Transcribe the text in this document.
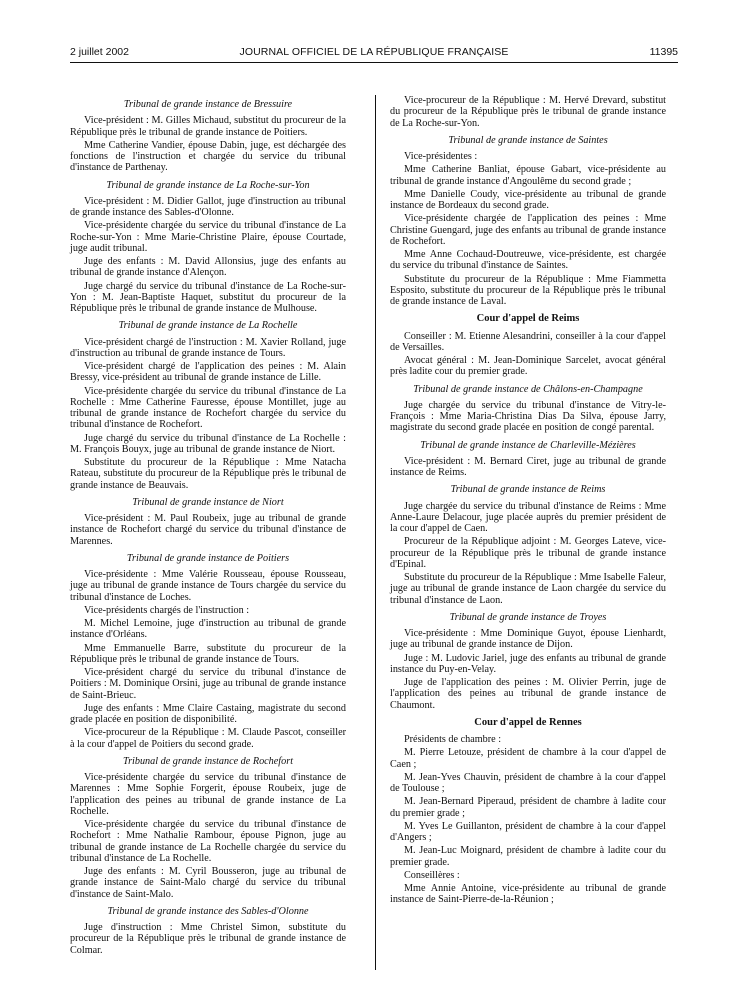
2 juillet 2002	JOURNAL OFFICIEL DE LA RÉPUBLIQUE FRANÇAISE	11395
Tribunal de grande instance de Bressuire
Vice-président : M. Gilles Michaud, substitut du procureur de la République près le tribunal de grande instance de Poitiers.
Mme Catherine Vandier, épouse Dabin, juge, est déchargée des fonctions de l'instruction et chargée du service du tribunal d'instance de Parthenay.
Tribunal de grande instance de La Roche-sur-Yon
Vice-président : M. Didier Gallot, juge d'instruction au tribunal de grande instance des Sables-d'Olonne.
Vice-présidente chargée du service du tribunal d'instance de La Roche-sur-Yon : Mme Marie-Christine Plaire, épouse Courtade, juge audit tribunal.
Juge des enfants : M. David Allonsius, juge des enfants au tribunal de grande instance d'Alençon.
Juge chargé du service du tribunal d'instance de La Roche-sur-Yon : M. Jean-Baptiste Haquet, substitut du procureur de la République près le tribunal de grande instance de Mulhouse.
Tribunal de grande instance de La Rochelle
Vice-président chargé de l'instruction : M. Xavier Rolland, juge d'instruction au tribunal de grande instance de Tours.
Vice-président chargé de l'application des peines : M. Alain Bressy, vice-président au tribunal de grande instance de Lille.
Vice-présidente chargée du service du tribunal d'instance de La Rochelle : Mme Catherine Fauresse, épouse Montillet, juge au tribunal de grande instance de Rochefort chargée du service du tribunal d'instance de Rochefort.
Juge chargé du service du tribunal d'instance de La Rochelle : M. François Bouyx, juge au tribunal de grande instance de Niort.
Substitute du procureur de la République : Mme Natacha Rateau, substitute du procureur de la République près le tribunal de grande instance de Beauvais.
Tribunal de grande instance de Niort
Vice-président : M. Paul Roubeix, juge au tribunal de grande instance de Rochefort chargé du service du tribunal d'instance de Marennes.
Tribunal de grande instance de Poitiers
Vice-présidente : Mme Valérie Rousseau, épouse Rousseau, juge au tribunal de grande instance de Tours chargée du service du tribunal d'instance de Loches.
Vice-présidents chargés de l'instruction :
M. Michel Lemoine, juge d'instruction au tribunal de grande instance d'Orléans.
Mme Emmanuelle Barre, substitute du procureur de la République près le tribunal de grande instance de Tours.
Vice-président chargé du service du tribunal d'instance de Poitiers : M. Dominique Orsini, juge au tribunal de grande instance de Saint-Brieuc.
Juge des enfants : Mme Claire Castaing, magistrate du second grade placée en position de disponibilité.
Vice-procureur de la République : M. Claude Pascot, conseiller à la cour d'appel de Poitiers du second grade.
Tribunal de grande instance de Rochefort
Vice-présidente chargée du service du tribunal d'instance de Marennes : Mme Sophie Forgerit, épouse Roubeix, juge de l'application des peines au tribunal de grande instance de La Rochelle.
Vice-présidente chargée du service du tribunal d'instance de Rochefort : Mme Nathalie Rambour, épouse Pignon, juge au tribunal de grande instance de La Rochelle chargée du service du tribunal d'instance de La Rochelle.
Juge des enfants : M. Cyril Bousseron, juge au tribunal de grande instance de Saint-Malo chargé du service du tribunal d'instance de Saint-Malo.
Tribunal de grande instance des Sables-d'Olonne
Juge d'instruction : Mme Christel Simon, substitute du procureur de la République près le tribunal de grande instance de Colmar.
Vice-procureur de la République : M. Hervé Drevard, substitut du procureur de la République près le tribunal de grande instance de La Roche-sur-Yon.
Tribunal de grande instance de Saintes
Vice-présidentes :
Mme Catherine Banliat, épouse Gabart, vice-présidente au tribunal de grande instance d'Angoulême du second grade ;
Mme Danielle Coudy, vice-présidente au tribunal de grande instance de Bordeaux du second grade.
Vice-présidente chargée de l'application des peines : Mme Christine Guengard, juge des enfants au tribunal de grande instance de Rochefort.
Mme Anne Cochaud-Doutreuwe, vice-présidente, est chargée du service du tribunal d'instance de Saintes.
Substitute du procureur de la République : Mme Fiammetta Esposito, substitute du procureur de la République près le tribunal de grande instance de Laval.
Cour d'appel de Reims
Conseiller : M. Etienne Alesandrini, conseiller à la cour d'appel de Versailles.
Avocat général : M. Jean-Dominique Sarcelet, avocat général près ladite cour du premier grade.
Tribunal de grande instance de Châlons-en-Champagne
Juge chargée du service du tribunal d'instance de Vitry-le-François : Mme Maria-Christina Dias Da Silva, épouse Jarry, magistrate du second grade placée en position de congé parental.
Tribunal de grande instance de Charleville-Mézières
Vice-président : M. Bernard Ciret, juge au tribunal de grande instance de Reims.
Tribunal de grande instance de Reims
Juge chargée du service du tribunal d'instance de Reims : Mme Anne-Laure Delacour, juge placée auprès du premier président de la cour d'appel de Caen.
Procureur de la République adjoint : M. Georges Lateve, vice-procureur de la République près le tribunal de grande instance d'Epinal.
Substitute du procureur de la République : Mme Isabelle Faleur, juge au tribunal de grande instance de Laon chargée du service du tribunal d'instance de Laon.
Tribunal de grande instance de Troyes
Vice-présidente : Mme Dominique Guyot, épouse Lienhardt, juge au tribunal de grande instance de Dijon.
Juge : M. Ludovic Jariel, juge des enfants au tribunal de grande instance du Puy-en-Velay.
Juge de l'application des peines : M. Olivier Perrin, juge de l'application des peines au tribunal de grande instance de Chaumont.
Cour d'appel de Rennes
Présidents de chambre :
M. Pierre Letouze, président de chambre à la cour d'appel de Caen ;
M. Jean-Yves Chauvin, président de chambre à la cour d'appel de Toulouse ;
M. Jean-Bernard Piperaud, président de chambre à ladite cour du premier grade ;
M. Yves Le Guillanton, président de chambre à la cour d'appel d'Angers ;
M. Jean-Luc Moignard, président de chambre à ladite cour du premier grade.
Conseillères :
Mme Annie Antoine, vice-présidente au tribunal de grande instance de Saint-Pierre-de-la-Réunion ;
